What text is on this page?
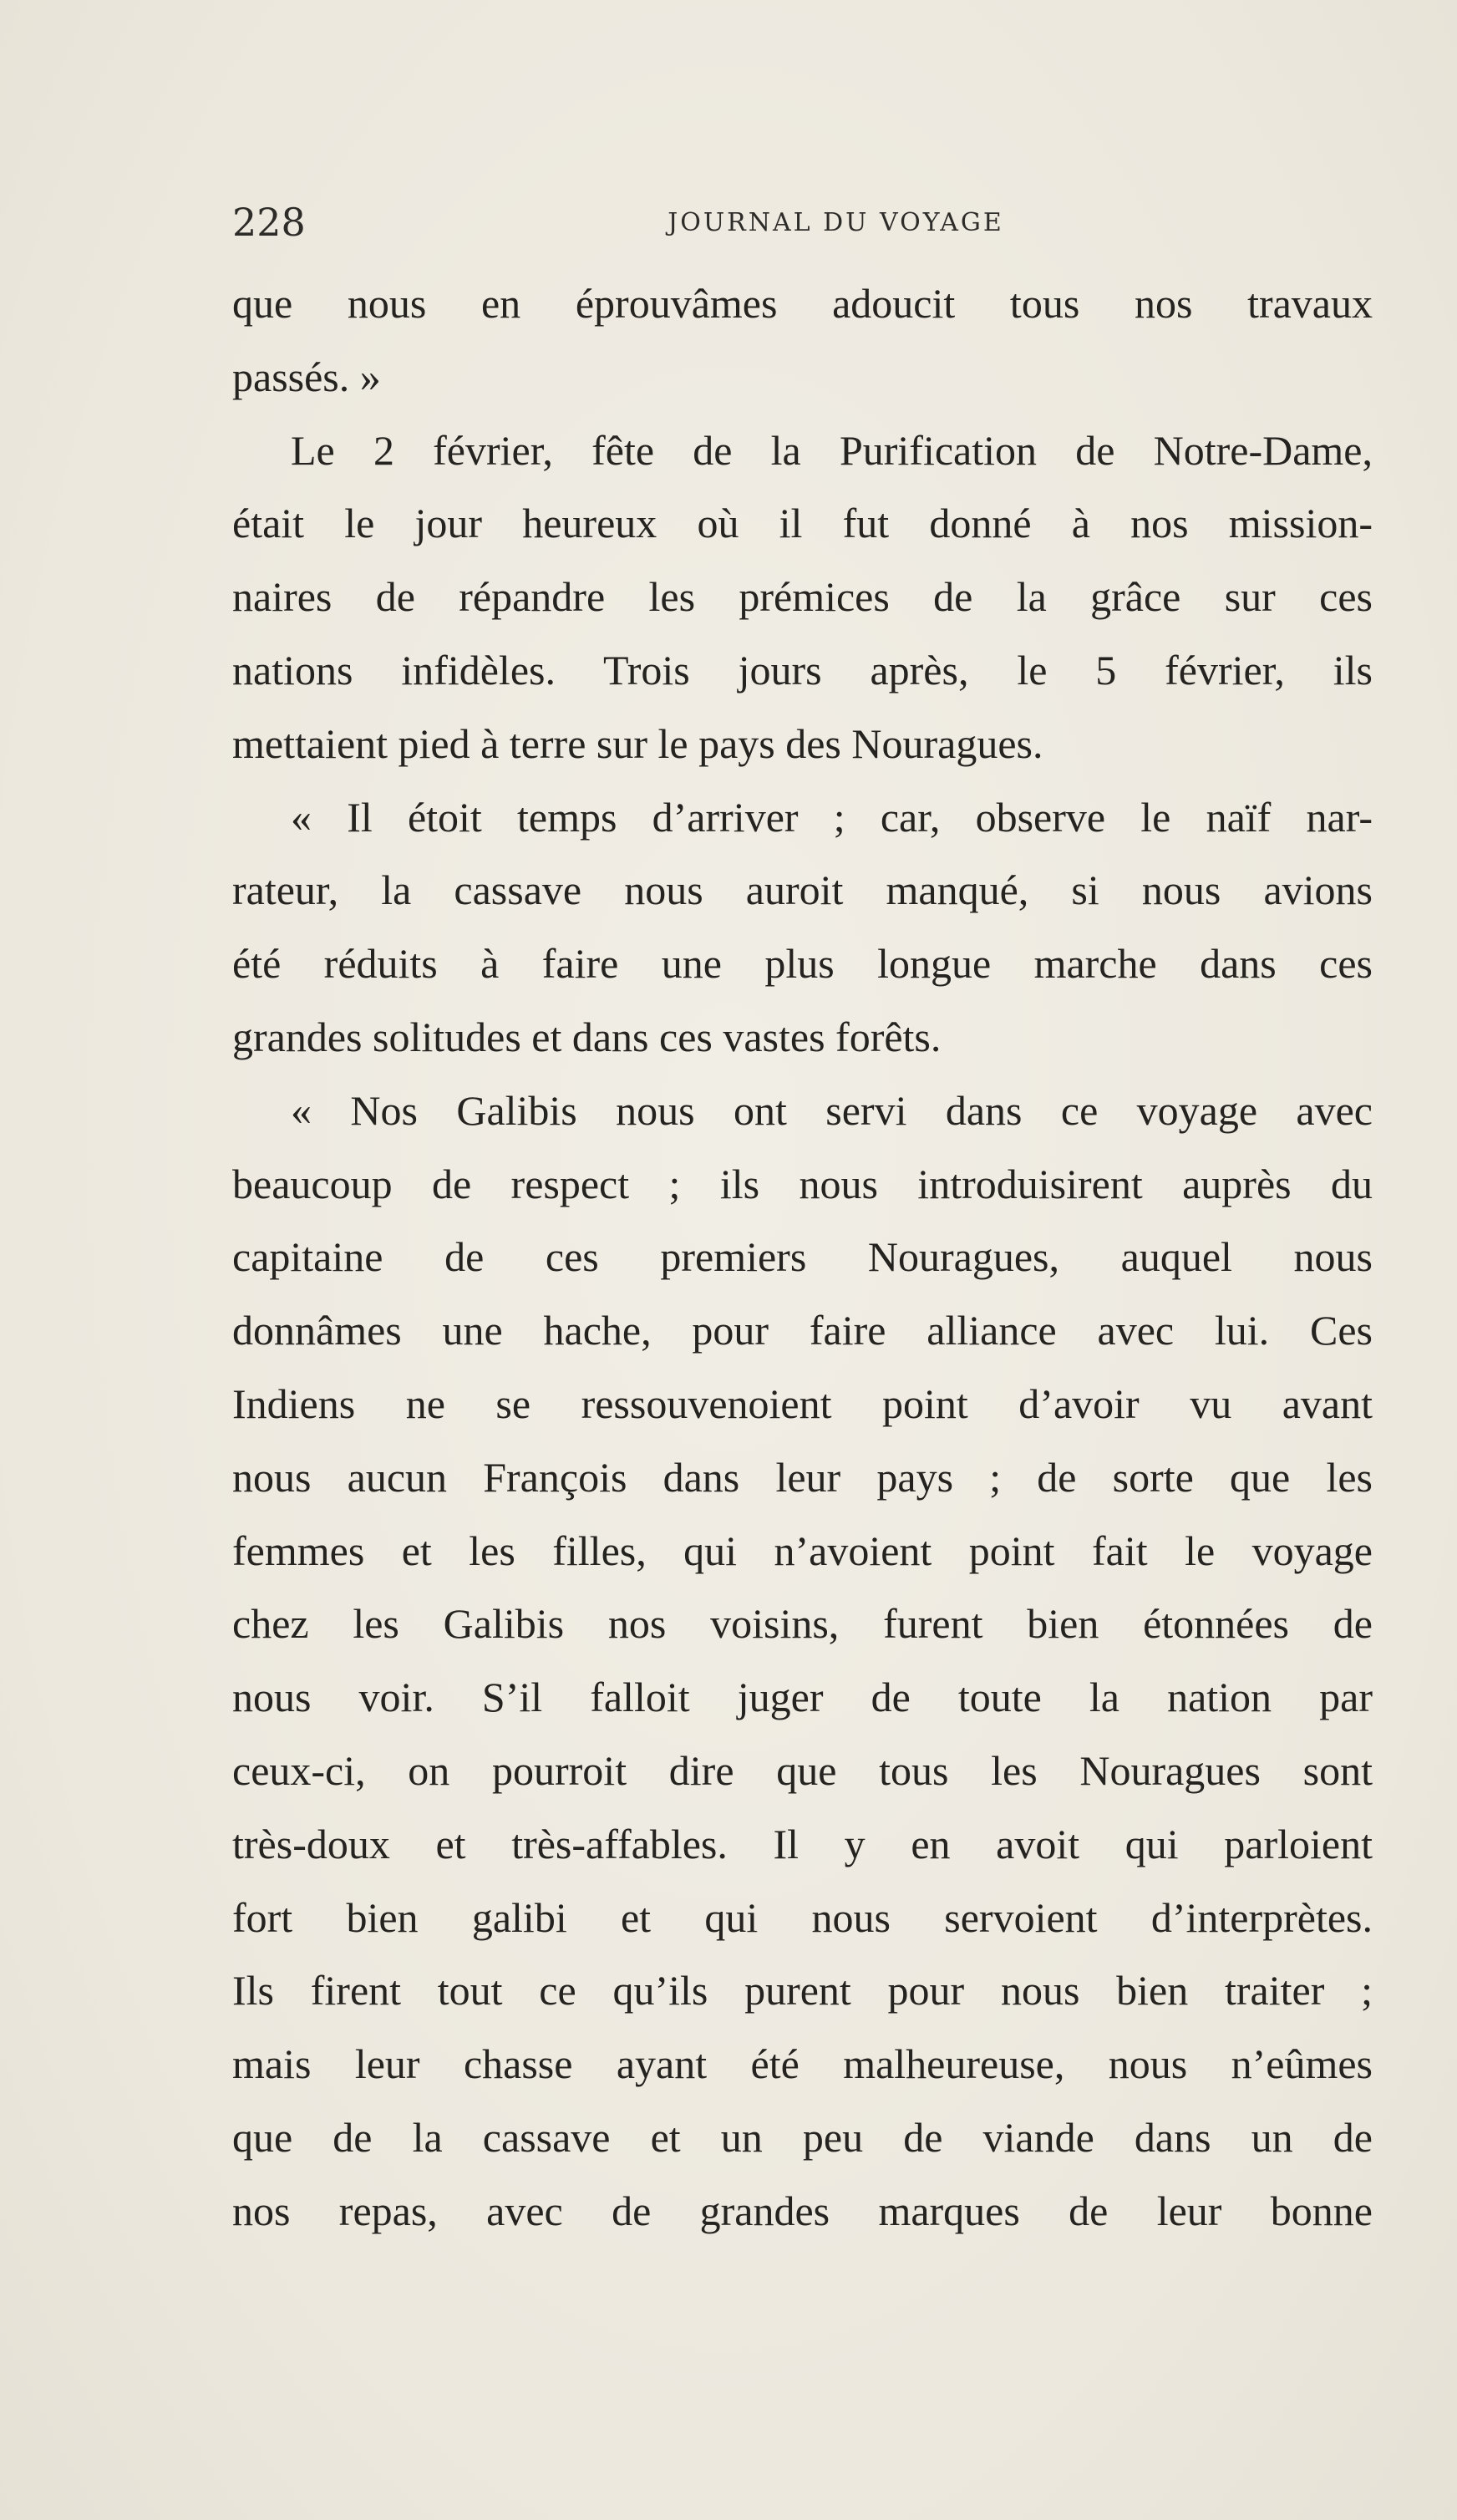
228	JOURNAL DU VOYAGE
que nous en éprouvâmes adoucit tous nos travaux
passés. »
Le 2 février, fête de la Purification de Notre-Dame,
était le jour heureux où il fut donné à nos mission-
naires de répandre les prémices de la grâce sur ces
nations infidèles. Trois jours après, le 5 février, ils
mettaient pied à terre sur le pays des Nouragues.
« Il étoit temps d’arriver ; car, observe le naïf nar-
rateur, la cassave nous auroit manqué, si nous avions
été réduits à faire une plus longue marche dans ces
grandes solitudes et dans ces vastes forêts.
« Nos Galibis nous ont servi dans ce voyage avec
beaucoup de respect ; ils nous introduisirent auprès du
capitaine de ces premiers Nouragues, auquel nous
donnâmes une hache, pour faire alliance avec lui. Ces
Indiens ne se ressouvenoient point d’avoir vu avant
nous aucun François dans leur pays ; de sorte que les
femmes et les filles, qui n’avoient point fait le voyage
chez les Galibis nos voisins, furent bien étonnées de
nous voir. S’il falloit juger de toute la nation par
ceux-ci, on pourroit dire que tous les Nouragues sont
très-doux et très-affables. Il y en avoit qui parloient
fort bien galibi et qui nous servoient d’interprètes.
Ils firent tout ce qu’ils purent pour nous bien traiter ;
mais leur chasse ayant été malheureuse, nous n’eûmes
que de la cassave et un peu de viande dans un de
nos repas, avec de grandes marques de leur bonne
